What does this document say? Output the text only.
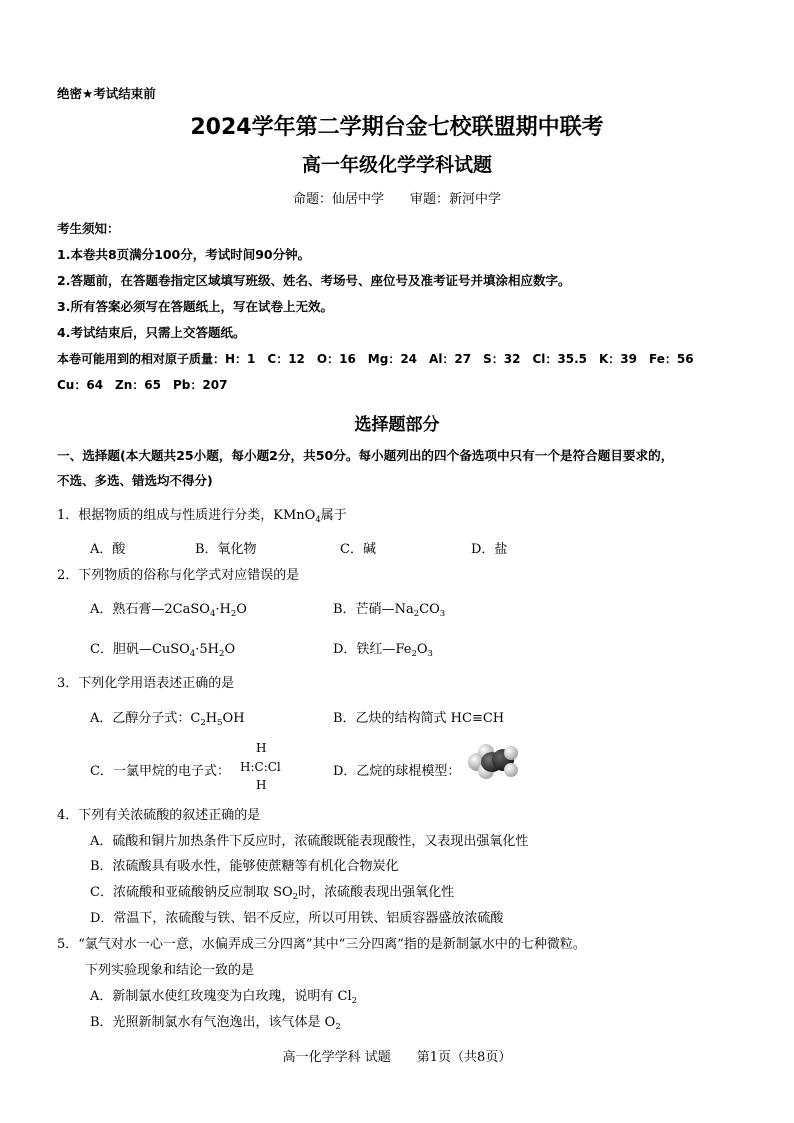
绝密★考试结束前
2024学年第二学期台金七校联盟期中联考
高一年级化学学科试题
命题：仙居中学　　审题：新河中学
考生须知：
1.本卷共8页满分100分，考试时间90分钟。
2.答题前，在答题卷指定区域填写班级、姓名、考场号、座位号及准考证号并填涂相应数字。
3.所有答案必须写在答题纸上，写在试卷上无效。
4.考试结束后，只需上交答题纸。
本卷可能用到的相对原子质量：H：1　C：12　O：16　Mg：24　Al：27　S：32　Cl：35.5　K：39　Fe：56
Cu：64　Zn：65　Pb：207
选择题部分
一、选择题(本大题共25小题，每小题2分，共50分。每小题列出的四个备选项中只有一个是符合题目要求的，
不选、多选、错选均不得分)
1．根据物质的组成与性质进行分类，KMnO$_4$属于
A．酸	B．氧化物	C．碱	D．盐
2．下列物质的俗称与化学式对应错误的是
A．熟石膏$—2CaSO_4\cdot H_2O$	B．芒硝$—Na_2CO_3$
C．胆矾$—CuSO_4\cdot 5H_2O$	D．铁红$—Fe_2O_3$
3．下列化学用语表述正确的是
A．乙醇分子式：$C_2H_5OH$	B．乙炔的结构简式 HC≡CH
C．一氯甲烷的电子式：
H
H:C:Cl
H
D．乙烷的球棍模型：
4．下列有关浓硫酸的叙述正确的是
A．硫酸和铜片加热条件下反应时，浓硫酸既能表现酸性，又表现出强氧化性
B．浓硫酸具有吸水性，能够使蔗糖等有机化合物炭化
C．浓硫酸和亚硫酸钠反应制取 $SO_2$时，浓硫酸表现出强氧化性
D．常温下，浓硫酸与铁、铝不反应，所以可用铁、铝质容器盛放浓硫酸
5．“氯气对水一心一意，水偏弄成三分四离”其中“三分四离”指的是新制氯水中的七种微粒。
下列实验现象和结论一致的是
A．新制氯水使红玫瑰变为白玫瑰，说明有 $Cl_2$
B．光照新制氯水有气泡逸出，该气体是 $O_2$
高一化学学科 试题　　第1页（共8页）
